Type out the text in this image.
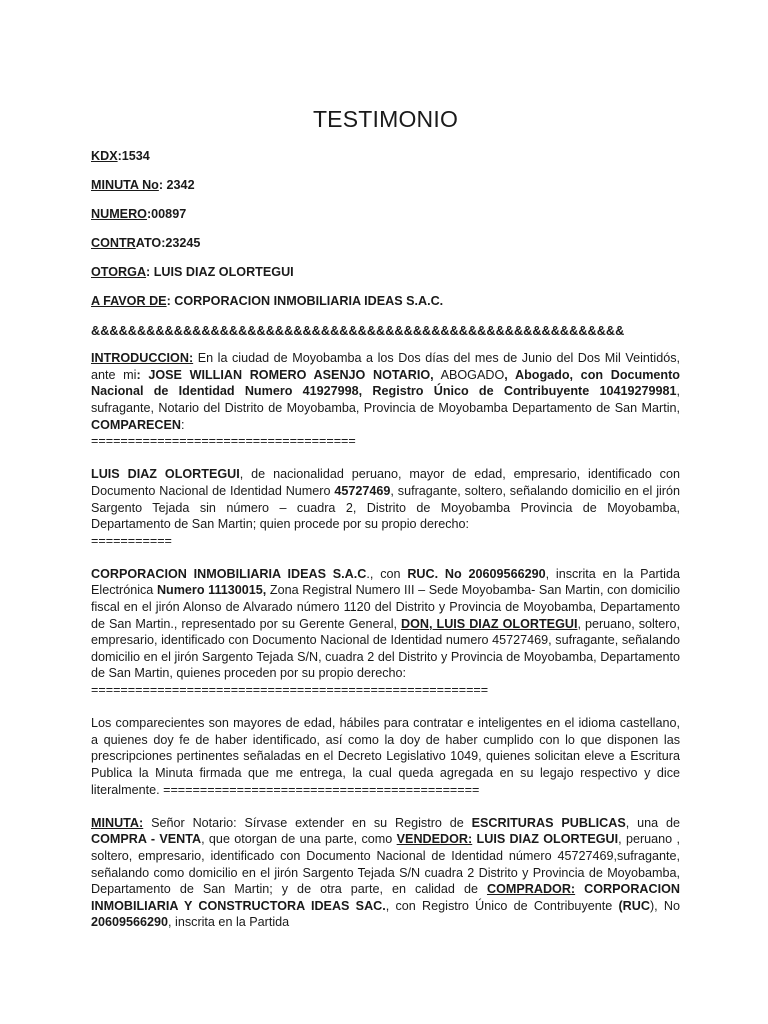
TESTIMONIO
KDX:1534
MINUTA No: 2342
NUMERO:00897
CONTRATO:23245
OTORGA: LUIS DIAZ OLORTEGUI
A FAVOR DE: CORPORACION INMOBILIARIA IDEAS S.A.C.
&&&&&&&&&&&&&&&&&&&&&&&&&&&&&&&&&&&&&&&&&&&&&&&&&&&&&&&&&&
INTRODUCCION: En la ciudad de Moyobamba a los Dos días del mes de Junio del Dos Mil Veintidós, ante mi: JOSE WILLIAN ROMERO ASENJO NOTARIO, ABOGADO, Abogado, con Documento Nacional de Identidad Numero 41927998, Registro Único de Contribuyente 10419279981, sufragante, Notario del Distrito de Moyobamba, Provincia de Moyobamba Departamento de San Martin, COMPARECEN:
====================================
LUIS DIAZ OLORTEGUI, de nacionalidad peruano, mayor de edad, empresario, identificado con Documento Nacional de Identidad Numero 45727469, sufragante, soltero, señalando domicilio en el jirón Sargento Tejada sin número – cuadra 2, Distrito de Moyobamba Provincia de Moyobamba, Departamento de San Martin; quien procede por su propio derecho:
===========
CORPORACION INMOBILIARIA IDEAS S.A.C., con RUC. No 20609566290, inscrita en la Partida Electrónica Numero 11130015, Zona Registral Numero III – Sede Moyobamba- San Martin, con domicilio fiscal en el jirón Alonso de Alvarado número 1120 del Distrito y Provincia de Moyobamba, Departamento de San Martin., representado por su Gerente General, DON, LUIS DIAZ OLORTEGUI, peruano, soltero, empresario, identificado con Documento Nacional de Identidad numero 45727469, sufragante, señalando domicilio en el jirón Sargento Tejada S/N, cuadra 2 del Distrito y Provincia de Moyobamba, Departamento de San Martin, quienes proceden por su propio derecho:
======================================================
Los comparecientes son mayores de edad, hábiles para contratar e inteligentes en el idioma castellano, a quienes doy fe de haber identificado, así como la doy de haber cumplido con lo que disponen las prescripciones pertinentes señaladas en el Decreto Legislativo 1049, quienes solicitan eleve a Escritura Publica la Minuta firmada que me entrega, la cual queda agregada en su legajo respectivo y dice literalmente. ===========================================
MINUTA: Señor Notario: Sírvase extender en su Registro de ESCRITURAS PUBLICAS, una de COMPRA - VENTA, que otorgan de una parte, como VENDEDOR: LUIS DIAZ OLORTEGUI, peruano , soltero, empresario, identificado con Documento Nacional de Identidad número 45727469,sufragante, señalando como domicilio en el jirón Sargento Tejada S/N cuadra 2 Distrito y Provincia de Moyobamba, Departamento de San Martin; y de otra parte, en calidad de COMPRADOR: CORPORACION INMOBILIARIA Y CONSTRUCTORA IDEAS SAC., con Registro Único de Contribuyente (RUC), No 20609566290, inscrita en la Partida
